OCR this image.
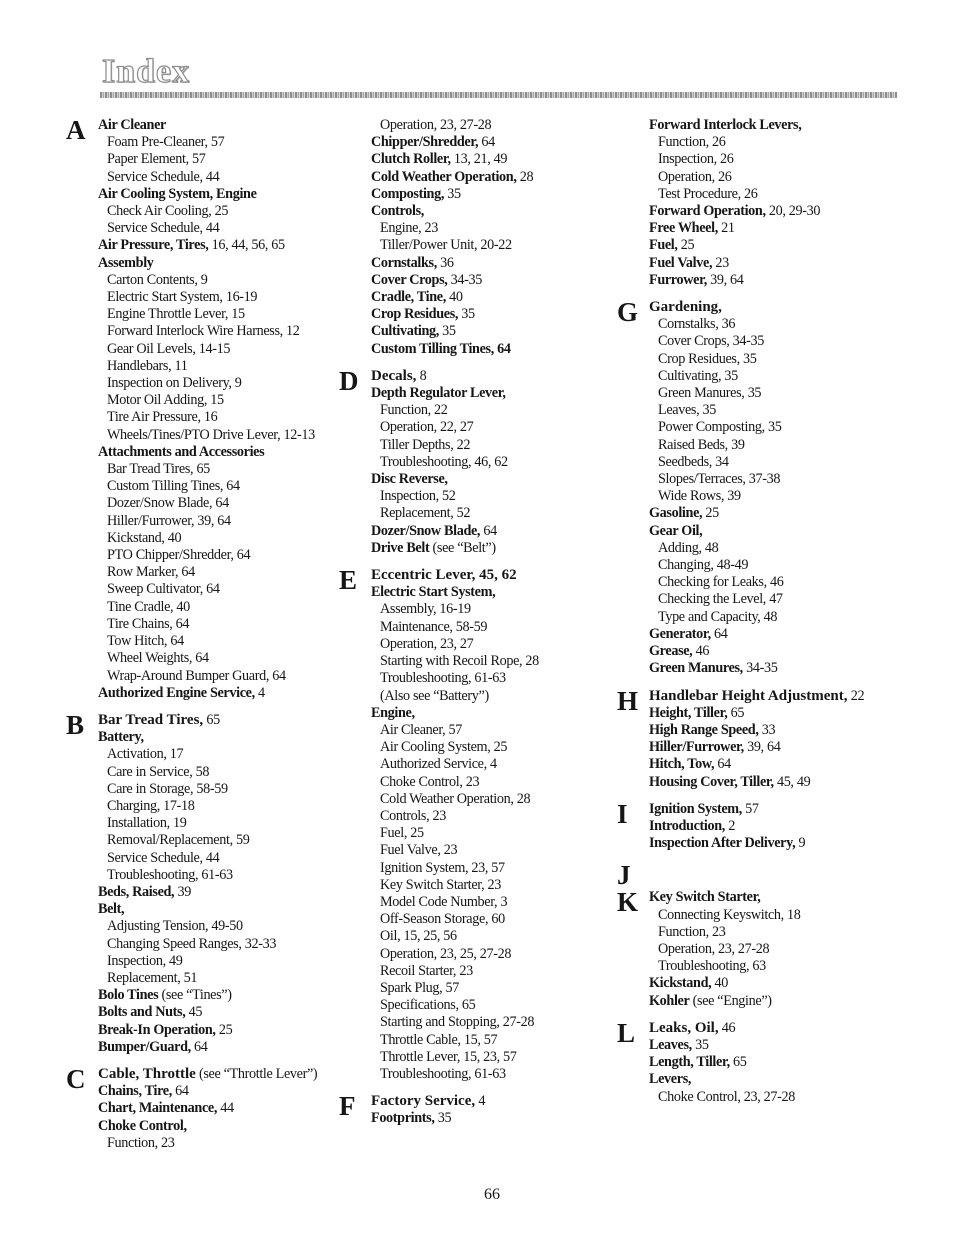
Index
A Air Cleaner
Foam Pre-Cleaner, 57
Paper Element, 57
Service Schedule, 44
Air Cooling System, Engine
Check Air Cooling, 25
Service Schedule, 44
Air Pressure, Tires, 16, 44, 56, 65
Assembly
Carton Contents, 9
Electric Start System, 16-19
Engine Throttle Lever, 15
Forward Interlock Wire Harness, 12
Gear Oil Levels, 14-15
Handlebars, 11
Inspection on Delivery, 9
Motor Oil Adding, 15
Tire Air Pressure, 16
Wheels/Tines/PTO Drive Lever, 12-13
Attachments and Accessories
Bar Tread Tires, 65
Custom Tilling Tines, 64
Dozer/Snow Blade, 64
Hiller/Furrower, 39, 64
Kickstand, 40
PTO Chipper/Shredder, 64
Row Marker, 64
Sweep Cultivator, 64
Tine Cradle, 40
Tire Chains, 64
Tow Hitch, 64
Wheel Weights, 64
Wrap-Around Bumper Guard, 64
Authorized Engine Service, 4
B Bar Tread Tires, 65
Battery,
Activation, 17
Care in Service, 58
Care in Storage, 58-59
Charging, 17-18
Installation, 19
Removal/Replacement, 59
Service Schedule, 44
Troubleshooting, 61-63
Beds, Raised, 39
Belt,
Adjusting Tension, 49-50
Changing Speed Ranges, 32-33
Inspection, 49
Replacement, 51
Bolo Tines (see “Tines”)
Bolts and Nuts, 45
Break-In Operation, 25
Bumper/Guard, 64
C Cable, Throttle (see “Throttle Lever”)
Chains, Tire, 64
Chart, Maintenance, 44
Choke Control,
Function, 23
Operation, 23, 27-28
Chipper/Shredder, 64
Clutch Roller, 13, 21, 49
Cold Weather Operation, 28
Composting, 35
Controls,
Engine, 23
Tiller/Power Unit, 20-22
Cornstalks, 36
Cover Crops, 34-35
Cradle, Tine, 40
Crop Residues, 35
Cultivating, 35
Custom Tilling Tines, 64
D Decals, 8
Depth Regulator Lever,
Function, 22
Operation, 22, 27
Tiller Depths, 22
Troubleshooting, 46, 62
Disc Reverse,
Inspection, 52
Replacement, 52
Dozer/Snow Blade, 64
Drive Belt (see “Belt”)
E Eccentric Lever, 45, 62
Electric Start System,
Assembly, 16-19
Maintenance, 58-59
Operation, 23, 27
Starting with Recoil Rope, 28
Troubleshooting, 61-63
(Also see “Battery”)
Engine,
Air Cleaner, 57
Air Cooling System, 25
Authorized Service, 4
Choke Control, 23
Cold Weather Operation, 28
Controls, 23
Fuel, 25
Fuel Valve, 23
Ignition System, 23, 57
Key Switch Starter, 23
Model Code Number, 3
Off-Season Storage, 60
Oil, 15, 25, 56
Operation, 23, 25, 27-28
Recoil Starter, 23
Spark Plug, 57
Specifications, 65
Starting and Stopping, 27-28
Throttle Cable, 15, 57
Throttle Lever, 15, 23, 57
Troubleshooting, 61-63
F Factory Service, 4
Footprints, 35
Forward Interlock Levers,
Function, 26
Inspection, 26
Operation, 26
Test Procedure, 26
Forward Operation, 20, 29-30
Free Wheel, 21
Fuel, 25
Fuel Valve, 23
Furrower, 39, 64
G Gardening,
Cornstalks, 36
Cover Crops, 34-35
Crop Residues, 35
Cultivating, 35
Green Manures, 35
Leaves, 35
Power Composting, 35
Raised Beds, 39
Seedbeds, 34
Slopes/Terraces, 37-38
Wide Rows, 39
Gasoline, 25
Gear Oil,
Adding, 48
Changing, 48-49
Checking for Leaks, 46
Checking the Level, 47
Type and Capacity, 48
Generator, 64
Grease, 46
Green Manures, 34-35
H Handlebar Height Adjustment, 22
Height, Tiller, 65
High Range Speed, 33
Hiller/Furrower, 39, 64
Hitch, Tow, 64
Housing Cover, Tiller, 45, 49
I Ignition System, 57
Introduction, 2
Inspection After Delivery, 9
J
K Key Switch Starter,
Connecting Keyswitch, 18
Function, 23
Operation, 23, 27-28
Troubleshooting, 63
Kickstand, 40
Kohler (see “Engine”)
L Leaks, Oil, 46
Leaves, 35
Length, Tiller, 65
Levers,
Choke Control, 23, 27-28
66
